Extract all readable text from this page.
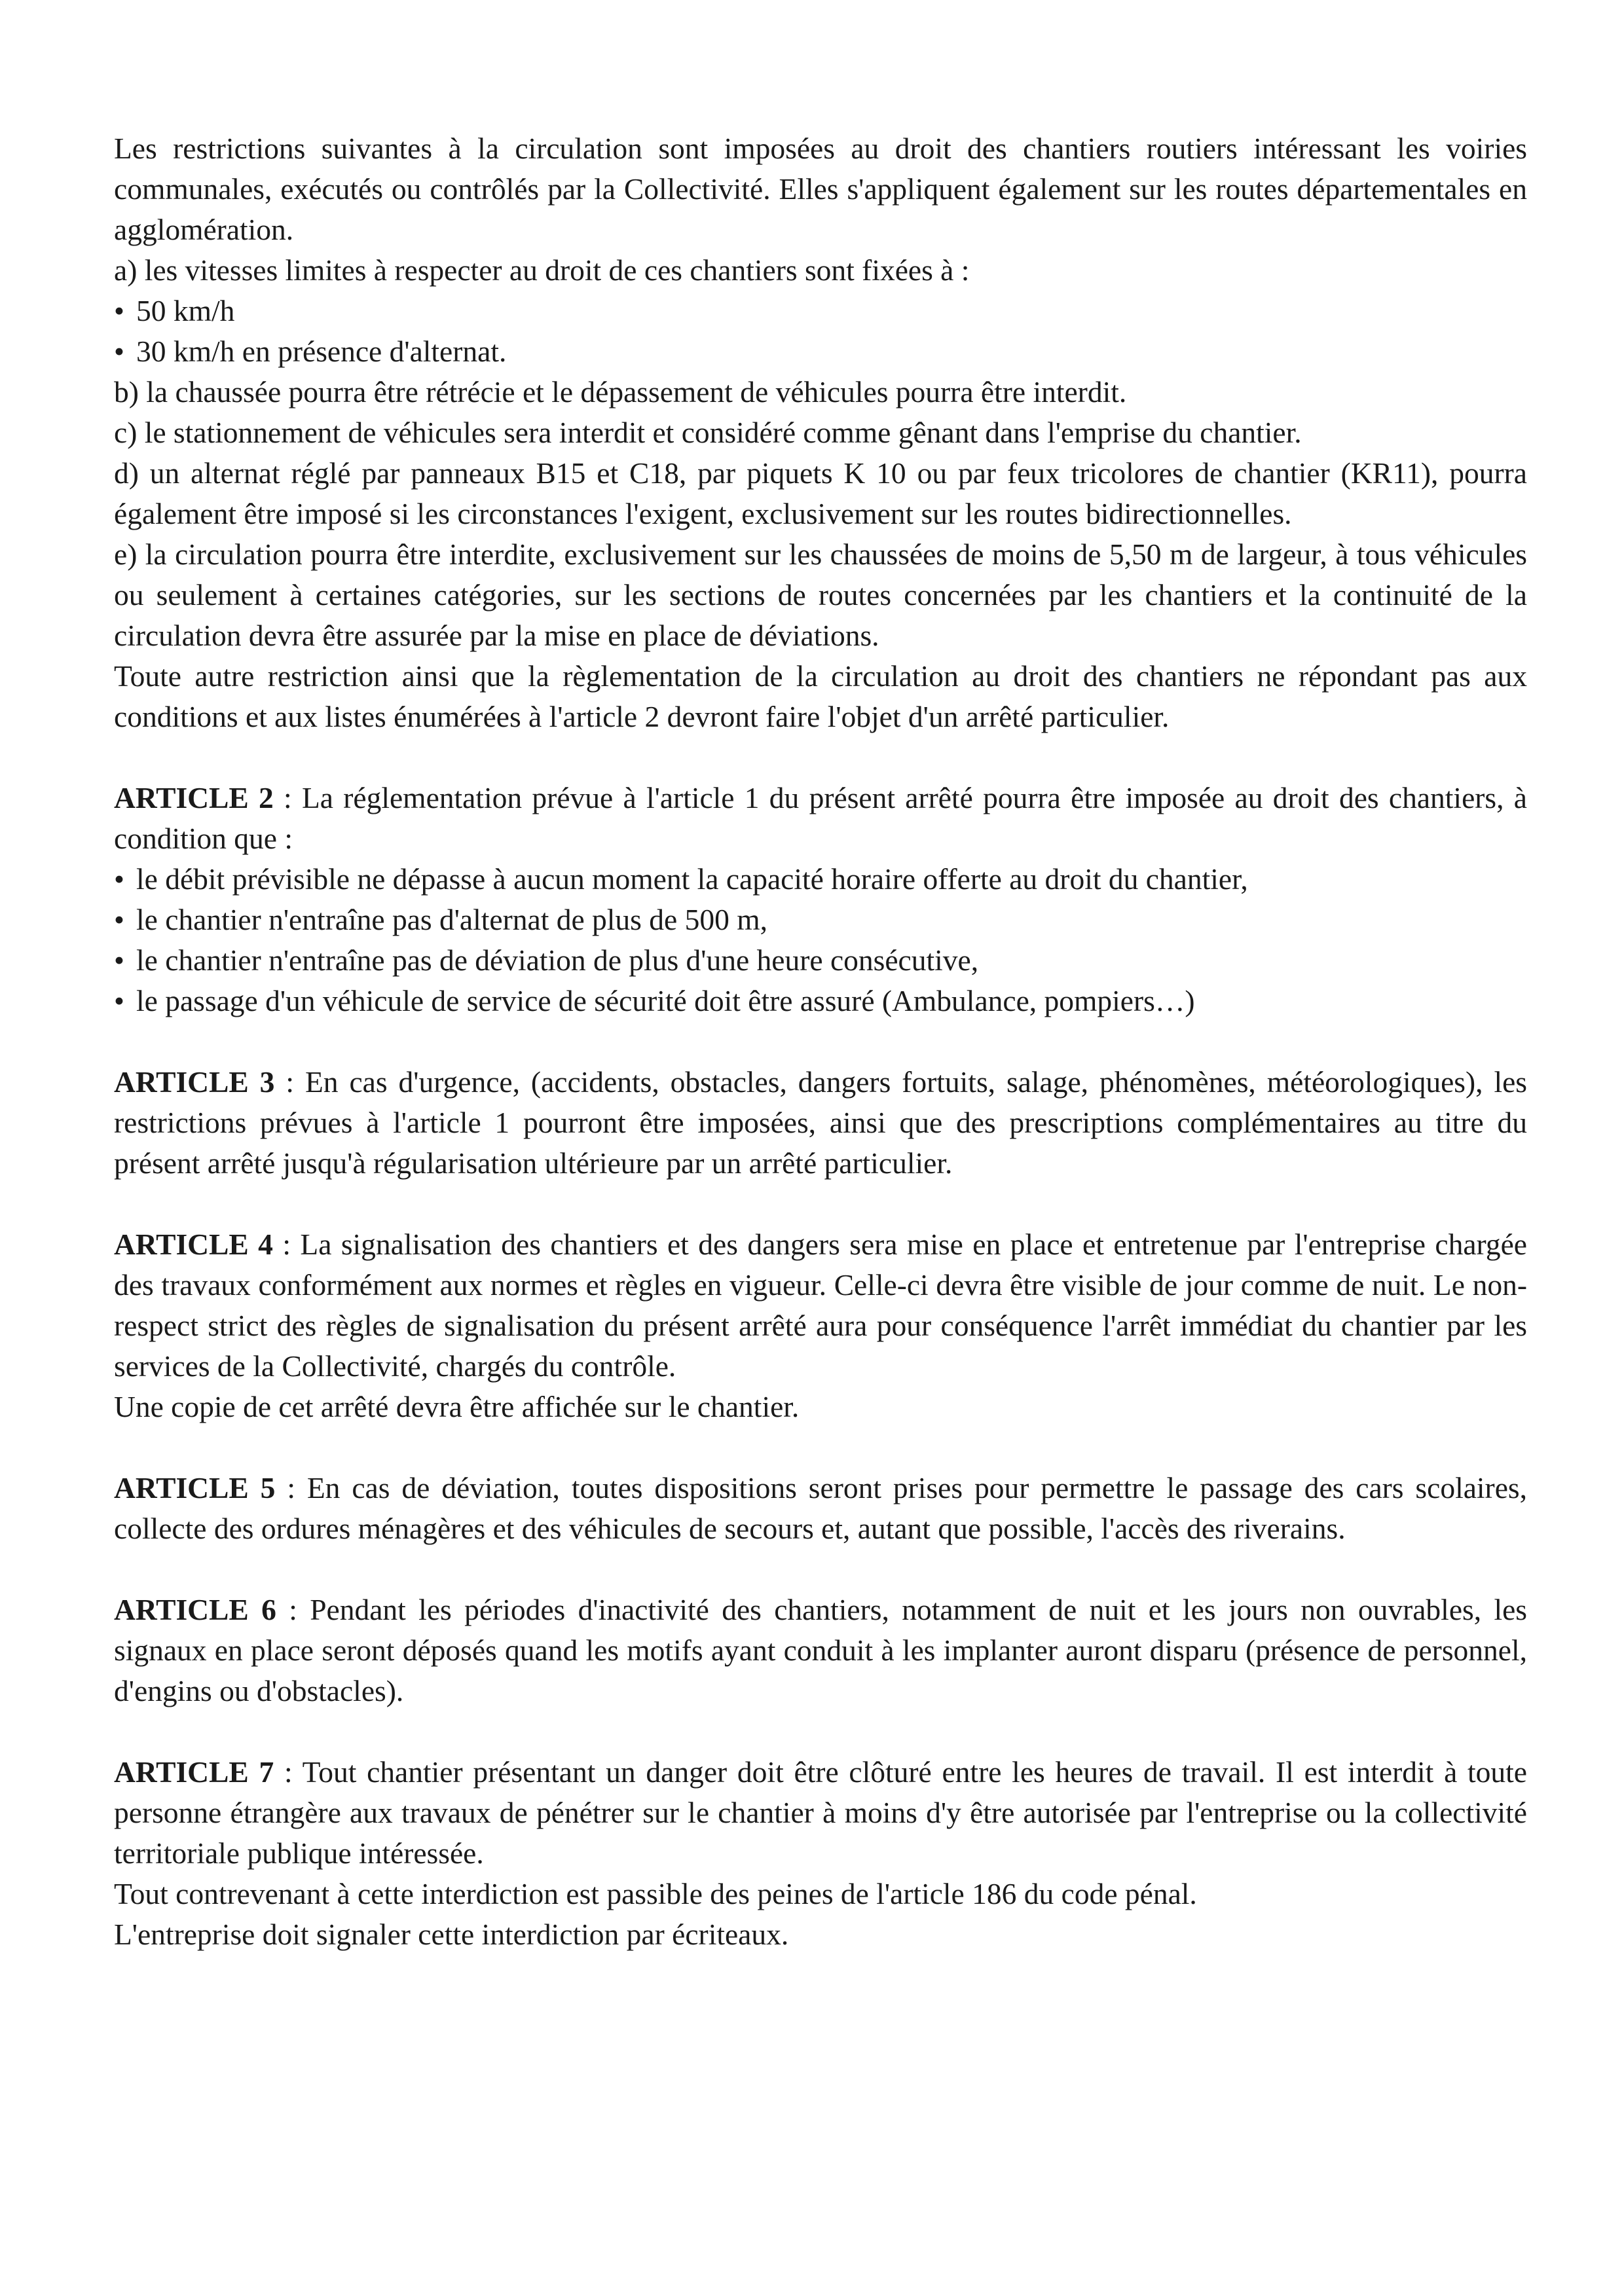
Les restrictions suivantes à la circulation sont imposées au droit des chantiers routiers intéressant les voiries communales, exécutés ou contrôlés par la Collectivité. Elles s'appliquent également sur les routes départementales en agglomération.

a) les vitesses limites à respecter au droit de ces chantiers sont fixées à :

• 50 km/h
• 30 km/h en présence d'alternat.

b) la chaussée pourra être rétrécie et le dépassement de véhicules pourra être interdit.

c) le stationnement de véhicules sera interdit et considéré comme gênant dans l'emprise du chantier.

d) un alternat réglé par panneaux B15 et C18, par piquets K 10 ou par feux tricolores de chantier (KR11), pourra également être imposé si les circonstances l'exigent, exclusivement sur les routes bidirectionnelles.

e) la circulation pourra être interdite, exclusivement sur les chaussées de moins de 5,50 m de largeur, à tous véhicules ou seulement à certaines catégories, sur les sections de routes concernées par les chantiers et la continuité de la circulation devra être assurée par la mise en place de déviations.

Toute autre restriction ainsi que la règlementation de la circulation au droit des chantiers ne répondant pas aux conditions et aux listes énumérées à l'article 2 devront faire l'objet d'un arrêté particulier.

ARTICLE 2 : La réglementation prévue à l'article 1 du présent arrêté pourra être imposée au droit des chantiers, à condition que :

• le débit prévisible ne dépasse à aucun moment la capacité horaire offerte au droit du chantier,
• le chantier n'entraîne pas d'alternat de plus de 500 m,
• le chantier n'entraîne pas de déviation de plus d'une heure consécutive,
• le passage d'un véhicule de service de sécurité doit être assuré (Ambulance, pompiers…)

ARTICLE 3 : En cas d'urgence, (accidents, obstacles, dangers fortuits, salage, phénomènes, météorologiques), les restrictions prévues à l'article 1 pourront être imposées, ainsi que des prescriptions complémentaires au titre du présent arrêté jusqu'à régularisation ultérieure par un arrêté particulier.

ARTICLE 4 : La signalisation des chantiers et des dangers sera mise en place et entretenue par l'entreprise chargée des travaux conformément aux normes et règles en vigueur. Celle-ci devra être visible de jour comme de nuit. Le non-respect strict des règles de signalisation du présent arrêté aura pour conséquence l'arrêt immédiat du chantier par les services de la Collectivité, chargés du contrôle.

Une copie de cet arrêté devra être affichée sur le chantier.

ARTICLE 5 : En cas de déviation, toutes dispositions seront prises pour permettre le passage des cars scolaires, collecte des ordures ménagères et des véhicules de secours et, autant que possible, l'accès des riverains.

ARTICLE 6 : Pendant les périodes d'inactivité des chantiers, notamment de nuit et les jours non ouvrables, les signaux en place seront déposés quand les motifs ayant conduit à les implanter auront disparu (présence de personnel, d'engins ou d'obstacles).

ARTICLE 7 : Tout chantier présentant un danger doit être clôturé entre les heures de travail. Il est interdit à toute personne étrangère aux travaux de pénétrer sur le chantier à moins d'y être autorisée par l'entreprise ou la collectivité territoriale publique intéressée.

Tout contrevenant à cette interdiction est passible des peines de l'article 186 du code pénal.

L'entreprise doit signaler cette interdiction par écriteaux.
